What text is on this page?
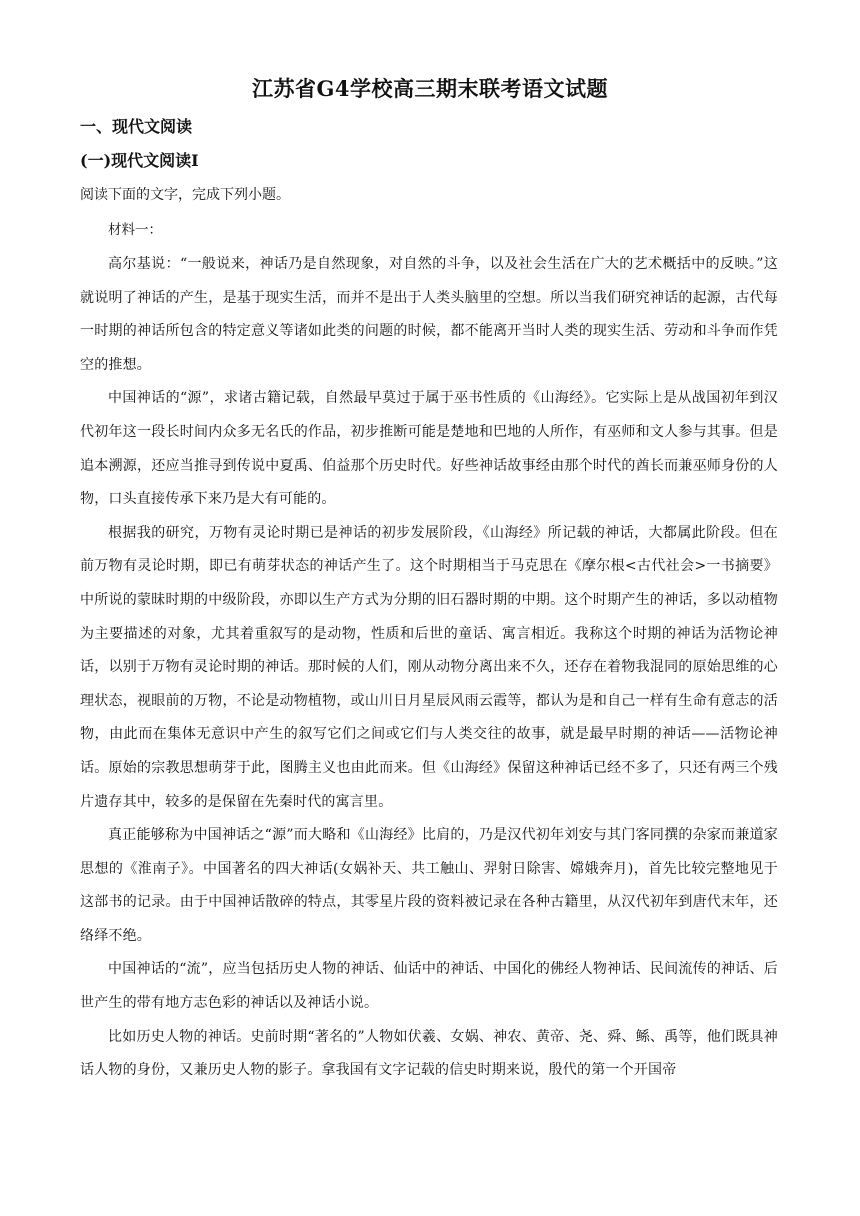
江苏省G4学校高三期末联考语文试题
一、现代文阅读
(一)现代文阅读Ⅰ
阅读下面的文字，完成下列小题。
材料一：

高尔基说：“一般说来，神话乃是自然现象，对自然的斗争，以及社会生活在广大的艺术概括中的反映。”这就说明了神话的产生，是基于现实生活，而并不是出于人类头脑里的空想。所以当我们研究神话的起源，古代每一时期的神话所包含的特定意义等诸如此类的问题的时候，都不能离开当时人类的现实生活、劳动和斗争而作凭空的推想。

中国神话的“源”，求诸古籍记载，自然最早莫过于属于巫书性质的《山海经》。它实际上是从战国初年到汉代初年这一段长时间内众多无名氏的作品，初步推断可能是楚地和巴地的人所作，有巫师和文人参与其事。但是追本溯源，还应当推寻到传说中夏禹、伯益那个历史时代。好些神话故事经由那个时代的酋长而兼巫师身份的人物，口头直接传承下来乃是大有可能的。

根据我的研究，万物有灵论时期已是神话的初步发展阶段，《山海经》所记载的神话，大都属此阶段。但在前万物有灵论时期，即已有萌芽状态的神话产生了。这个时期相当于马克思在《摩尔根<古代社会>一书摘要》中所说的蒙昧时期的中级阶段，亦即以生产方式为分期的旧石器时期的中期。这个时期产生的神话，多以动植物为主要描述的对象，尤其着重叙写的是动物，性质和后世的童话、寓言相近。我称这个时期的神话为活物论神话，以别于万物有灵论时期的神话。那时候的人们，刚从动物分离出来不久，还存在着物我混同的原始思维的心理状态，视眼前的万物，不论是动物植物，或山川日月星辰风雨云霞等，都认为是和自己一样有生命有意志的活物，由此而在集体无意识中产生的叙写它们之间或它们与人类交往的故事，就是最早时期的神话——活物论神话。原始的宗教思想萌芽于此，图腾主义也由此而来。但《山海经》保留这种神话已经不多了，只还有两三个残片遗存其中，较多的是保留在先秦时代的寓言里。

真正能够称为中国神话之“源”而大略和《山海经》比肩的，乃是汉代初年刘安与其门客同撰的杂家而兼道家思想的《淮南子》。中国著名的四大神话(女娲补天、共工触山、羿射日除害、嫦娥奔月)，首先比较完整地见于这部书的记录。由于中国神话散碎的特点，其零星片段的资料被记录在各种古籍里，从汉代初年到唐代末年，还络绎不绝。

中国神话的“流”，应当包括历史人物的神话、仙话中的神话、中国化的佛经人物神话、民间流传的神话、后世产生的带有地方志色彩的神话以及神话小说。

比如历史人物的神话。史前时期“著名的”人物如伏羲、女娲、神农、黄帝、尧、舜、鲧、禹等，他们既具神话人物的身份，又兼历史人物的影子。拿我国有文字记载的信史时期来说，殷代的第一个开国帝
